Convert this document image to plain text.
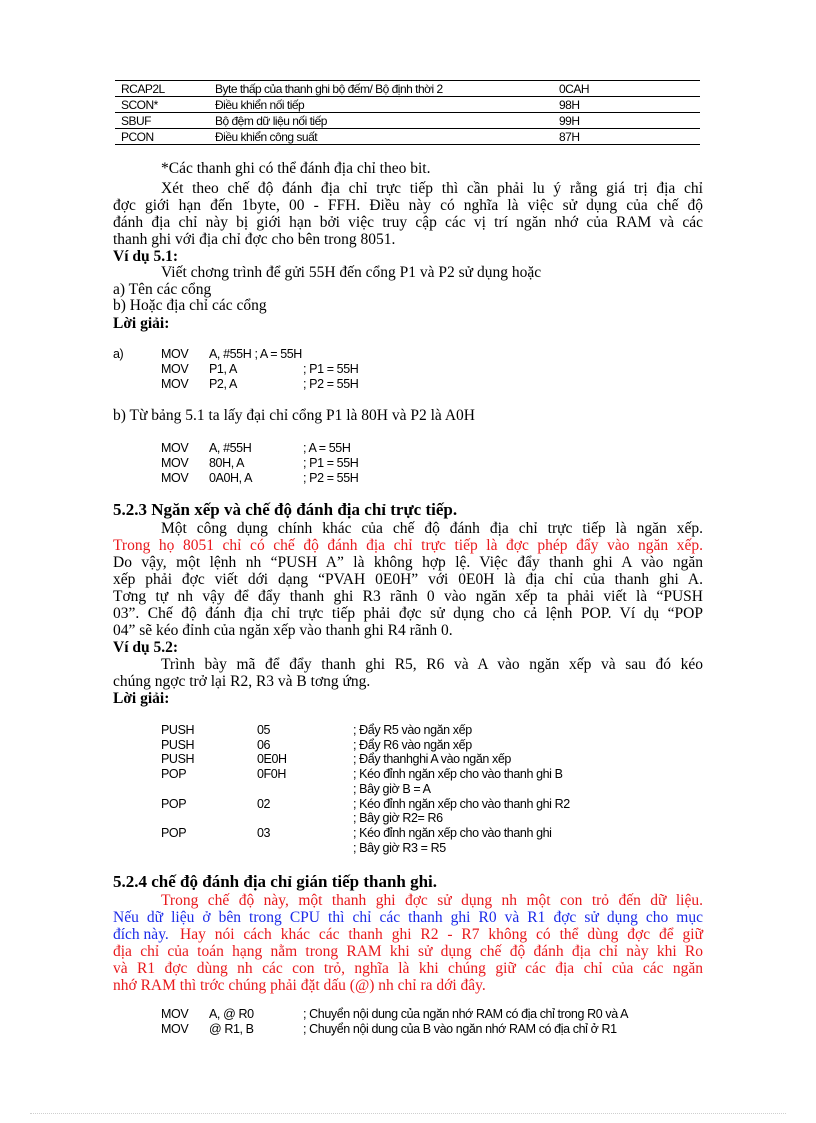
RCAP2L	Byte thấp của thanh ghi bộ đếm/ Bộ định thời 2	0CAH
SCON*	Điều khiển nối tiếp	98H
SBUF	Bộ đệm dữ liệu nối tiếp	99H
PCON	Điều khiển công suất	87H
*Các thanh ghi có thể đánh địa chỉ theo bit.
Xét theo chế độ đánh địa chỉ trực tiếp thì cần phải lu ý rằng giá trị địa chỉ
đợc giới hạn đến 1byte, 00 - FFH. Điều này có nghĩa là việc sử dụng của chế độ
đánh địa chỉ này bị giới hạn bởi việc truy cập các vị trí ngăn nhớ của RAM và các
thanh ghi với địa chỉ đợc cho bên trong 8051.
Ví dụ 5.1:
Viết chơng trình để gửi 55H đến cổng P1 và P2 sử dụng hoặc
a) Tên các cổng
b) Hoặc địa chỉ các cổng
Lời giải:
a)	MOV A, #55H ; A = 55H
MOV P1, A	; P1 = 55H
MOV P2, A	; P2 = 55H
b) Từ bảng 5.1 ta lấy đại chỉ cổng P1 là 80H và P2 là A0H
MOV A, #55H	; A = 55H
MOV 80H, A	; P1 = 55H
MOV 0A0H, A	; P2 = 55H
5.2.3 Ngăn xếp và chế độ đánh địa chỉ trực tiếp.
Một công dụng chính khác của chế độ đánh địa chỉ trực tiếp là ngăn xếp.
Trong họ 8051 chỉ có chế độ đánh địa chỉ trực tiếp là đợc phép đẩy vào ngăn xếp.
Do vậy, một lệnh nh “PUSH A” là không hợp lệ. Việc đẩy thanh ghi A vào ngăn
xếp phải đợc viết dới dạng “PVAH 0E0H” với 0E0H là địa chỉ của thanh ghi A.
Tơng tự nh vậy để đẩy thanh ghi R3 rãnh 0 vào ngăn xếp ta phải viết là “PUSH
03”. Chế độ đánh địa chỉ trực tiếp phải đợc sử dụng cho cả lệnh POP. Ví dụ “POP
04” sẽ kéo đỉnh của ngăn xếp vào thanh ghi R4 rãnh 0.
Ví dụ 5.2:
Trình bày mã để đẩy thanh ghi R5, R6 và A vào ngăn xếp và sau đó kéo
chúng ngợc trở lại R2, R3 và B tơng ứng.
Lời giải:
PUSH	05	; Đẩy R5 vào ngăn xếp
PUSH	06	; Đẩy R6 vào ngăn xếp
PUSH	0E0H	; Đẩy thanhghi A vào ngăn xếp
POP	0F0H	; Kéo đỉnh ngăn xếp cho vào thanh ghi B
; Bây giờ B = A
POP	02	; Kéo đỉnh ngăn xếp cho vào thanh ghi R2
; Bây giờ R2= R6
POP	03	; Kéo đỉnh ngăn xếp cho vào thanh ghi
; Bây giờ R3 = R5
5.2.4 chế độ đánh địa chỉ gián tiếp thanh ghi.
Trong chế độ này, một thanh ghi đợc sử dụng nh một con trỏ đến dữ liệu.
Nếu dữ liệu ở bên trong CPU thì chỉ các thanh ghi R0 và R1 đợc sử dụng cho mục
đích này. Hay nói cách khác các thanh ghi R2 - R7 không có thể dùng đợc để giữ
địa chỉ của toán hạng nằm trong RAM khi sử dụng chế độ đánh địa chỉ này khi Ro
và R1 đợc dùng nh các con trỏ, nghĩa là khi chúng giữ các địa chỉ của các ngăn
nhớ RAM thì trớc chúng phải đặt dấu (@) nh chỉ ra dới đây.
MOV A, @ R0	; Chuyển nội dung của ngăn nhớ RAM có địa chỉ trong R0 và A
MOV @ R1, B	; Chuyển nội dung của B vào ngăn nhớ RAM có địa chỉ ở R1
